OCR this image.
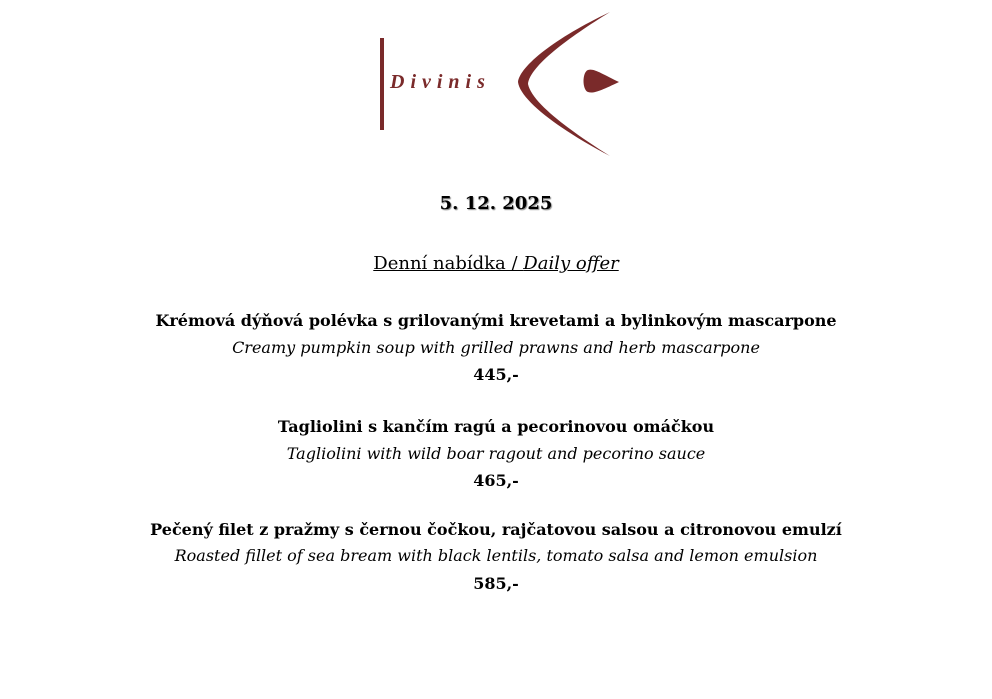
Divinis
5. 12. 2025
Denní nabídka / Daily offer
Krémová dýňová polévka s grilovanými krevetami a bylinkovým mascarpone
Creamy pumpkin soup with grilled prawns and herb mascarpone
445,-
Tagliolini s kančím ragú a pecorinovou omáčkou
Tagliolini with wild boar ragout and pecorino sauce
465,-
Pečený filet z pražmy s černou čočkou, rajčatovou salsou a citronovou emulzí
Roasted fillet of sea bream with black lentils, tomato salsa and lemon emulsion
585,-
